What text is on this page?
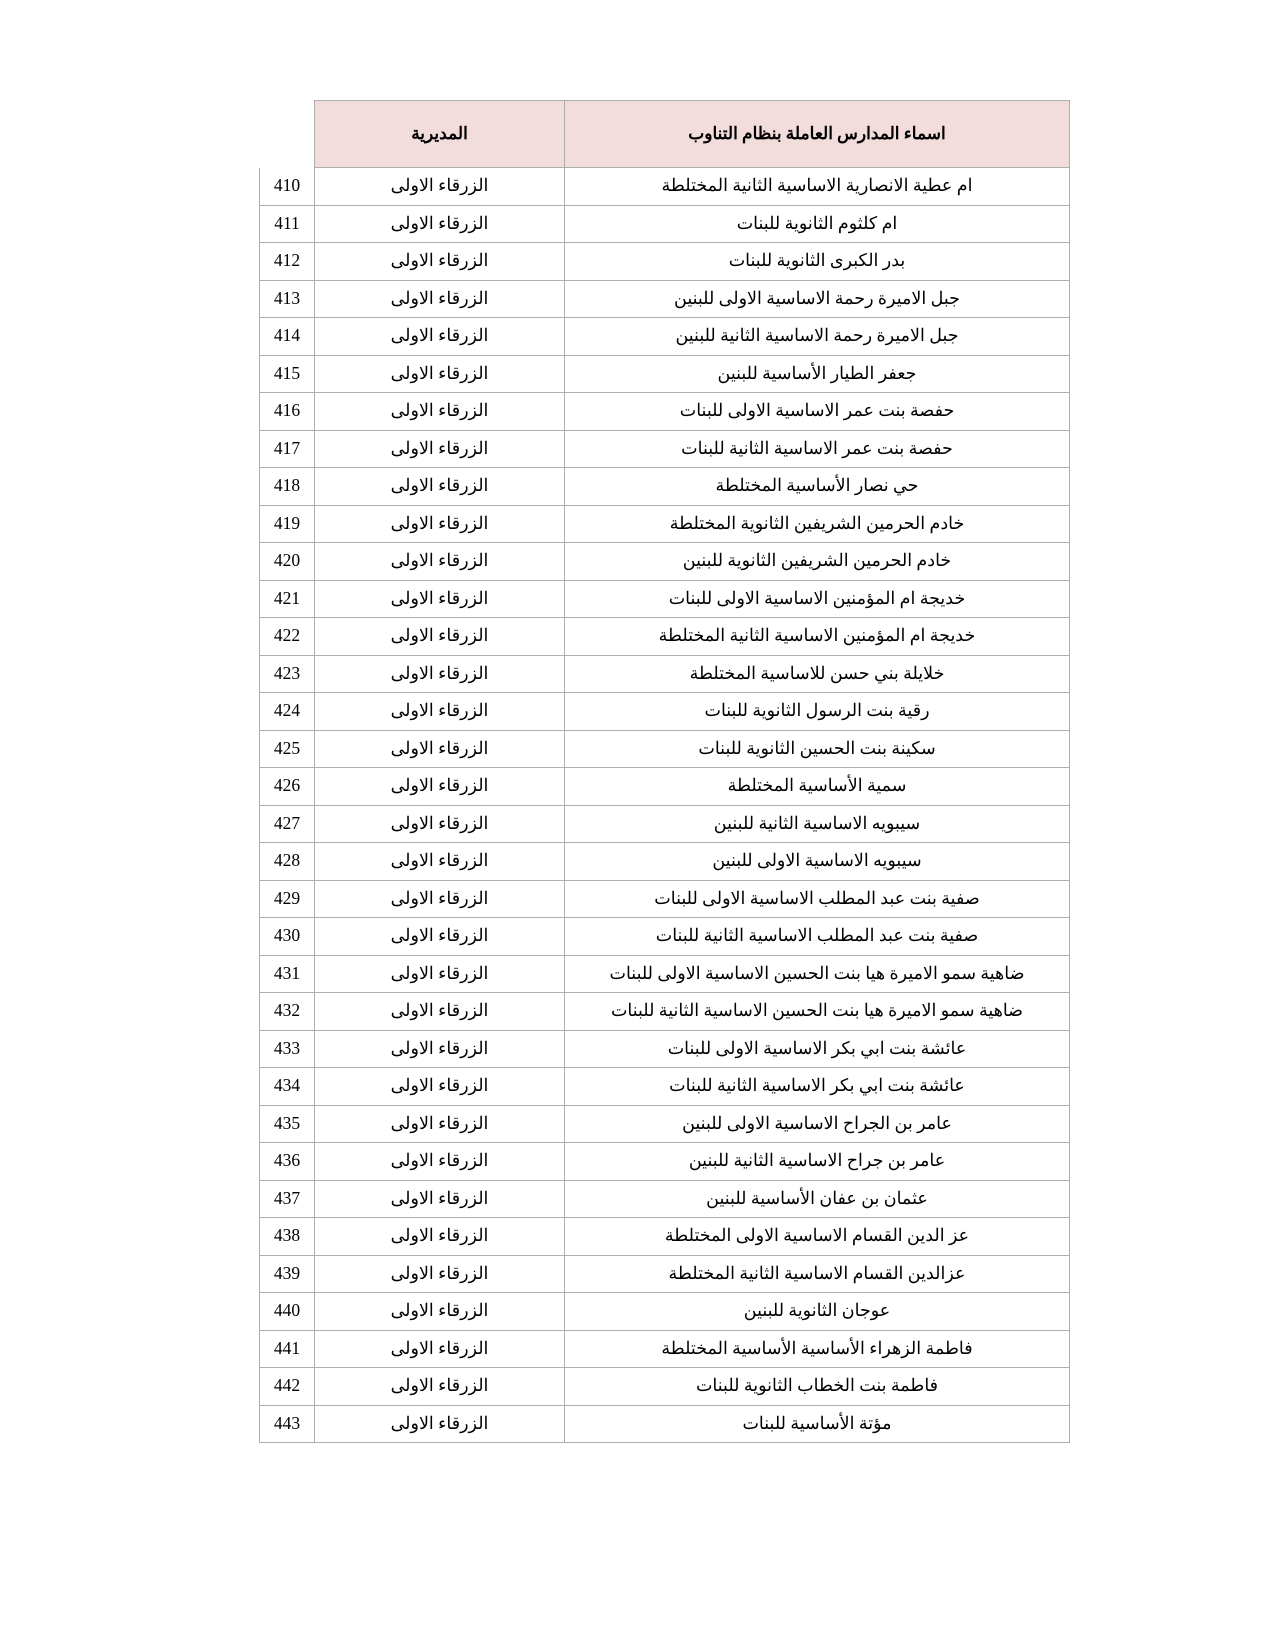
اسماء المدارس العاملة بنظام التناوب	المديرية	
ام عطية الانصارية الاساسية الثانية المختلطة	الزرقاء الاولى	410
ام كلثوم الثانوية للبنات	الزرقاء الاولى	411
بدر الكبرى الثانوية للبنات	الزرقاء الاولى	412
جبل الاميرة رحمة الاساسية الاولى للبنين	الزرقاء الاولى	413
جبل الاميرة رحمة الاساسية الثانية للبنين	الزرقاء الاولى	414
جعفر الطيار الأساسية للبنين	الزرقاء الاولى	415
حفصة بنت عمر الاساسية الاولى للبنات	الزرقاء الاولى	416
حفصة بنت عمر الاساسية الثانية للبنات	الزرقاء الاولى	417
حي نصار الأساسية المختلطة	الزرقاء الاولى	418
خادم الحرمين الشريفين الثانوية المختلطة	الزرقاء الاولى	419
خادم الحرمين الشريفين الثانوية للبنين	الزرقاء الاولى	420
خديجة ام المؤمنين الاساسية الاولى للبنات	الزرقاء الاولى	421
خديجة ام المؤمنين الاساسية الثانية المختلطة	الزرقاء الاولى	422
خلايلة بني حسن للاساسية المختلطة	الزرقاء الاولى	423
رقية بنت الرسول الثانوية للبنات	الزرقاء الاولى	424
سكينة بنت الحسين الثانوية للبنات	الزرقاء الاولى	425
سمية الأساسية المختلطة	الزرقاء الاولى	426
سيبويه الاساسية الثانية للبنين	الزرقاء الاولى	427
سيبويه الاساسية الاولى للبنين	الزرقاء الاولى	428
صفية بنت عبد المطلب الاساسية الاولى للبنات	الزرقاء الاولى	429
صفية بنت عبد المطلب الاساسية الثانية للبنات	الزرقاء الاولى	430
ضاهية سمو الاميرة هيا بنت الحسين الاساسية الاولى للبنات	الزرقاء الاولى	431
ضاهية سمو الاميرة هيا بنت الحسين الاساسية الثانية للبنات	الزرقاء الاولى	432
عائشة بنت ابي بكر الاساسية الاولى للبنات	الزرقاء الاولى	433
عائشة بنت ابي بكر الاساسية الثانية للبنات	الزرقاء الاولى	434
عامر بن الجراح الاساسية الاولى للبنين	الزرقاء الاولى	435
عامر بن جراح الاساسية الثانية للبنين	الزرقاء الاولى	436
عثمان بن عفان الأساسية للبنين	الزرقاء الاولى	437
عز الدين القسام الاساسية الاولى المختلطة	الزرقاء الاولى	438
عزالدين القسام الاساسية الثانية المختلطة	الزرقاء الاولى	439
عوجان الثانوية للبنين	الزرقاء الاولى	440
فاطمة الزهراء الأساسية الأساسية المختلطة	الزرقاء الاولى	441
فاطمة بنت الخطاب الثانوية للبنات	الزرقاء الاولى	442
مؤتة الأساسية للبنات	الزرقاء الاولى	443
